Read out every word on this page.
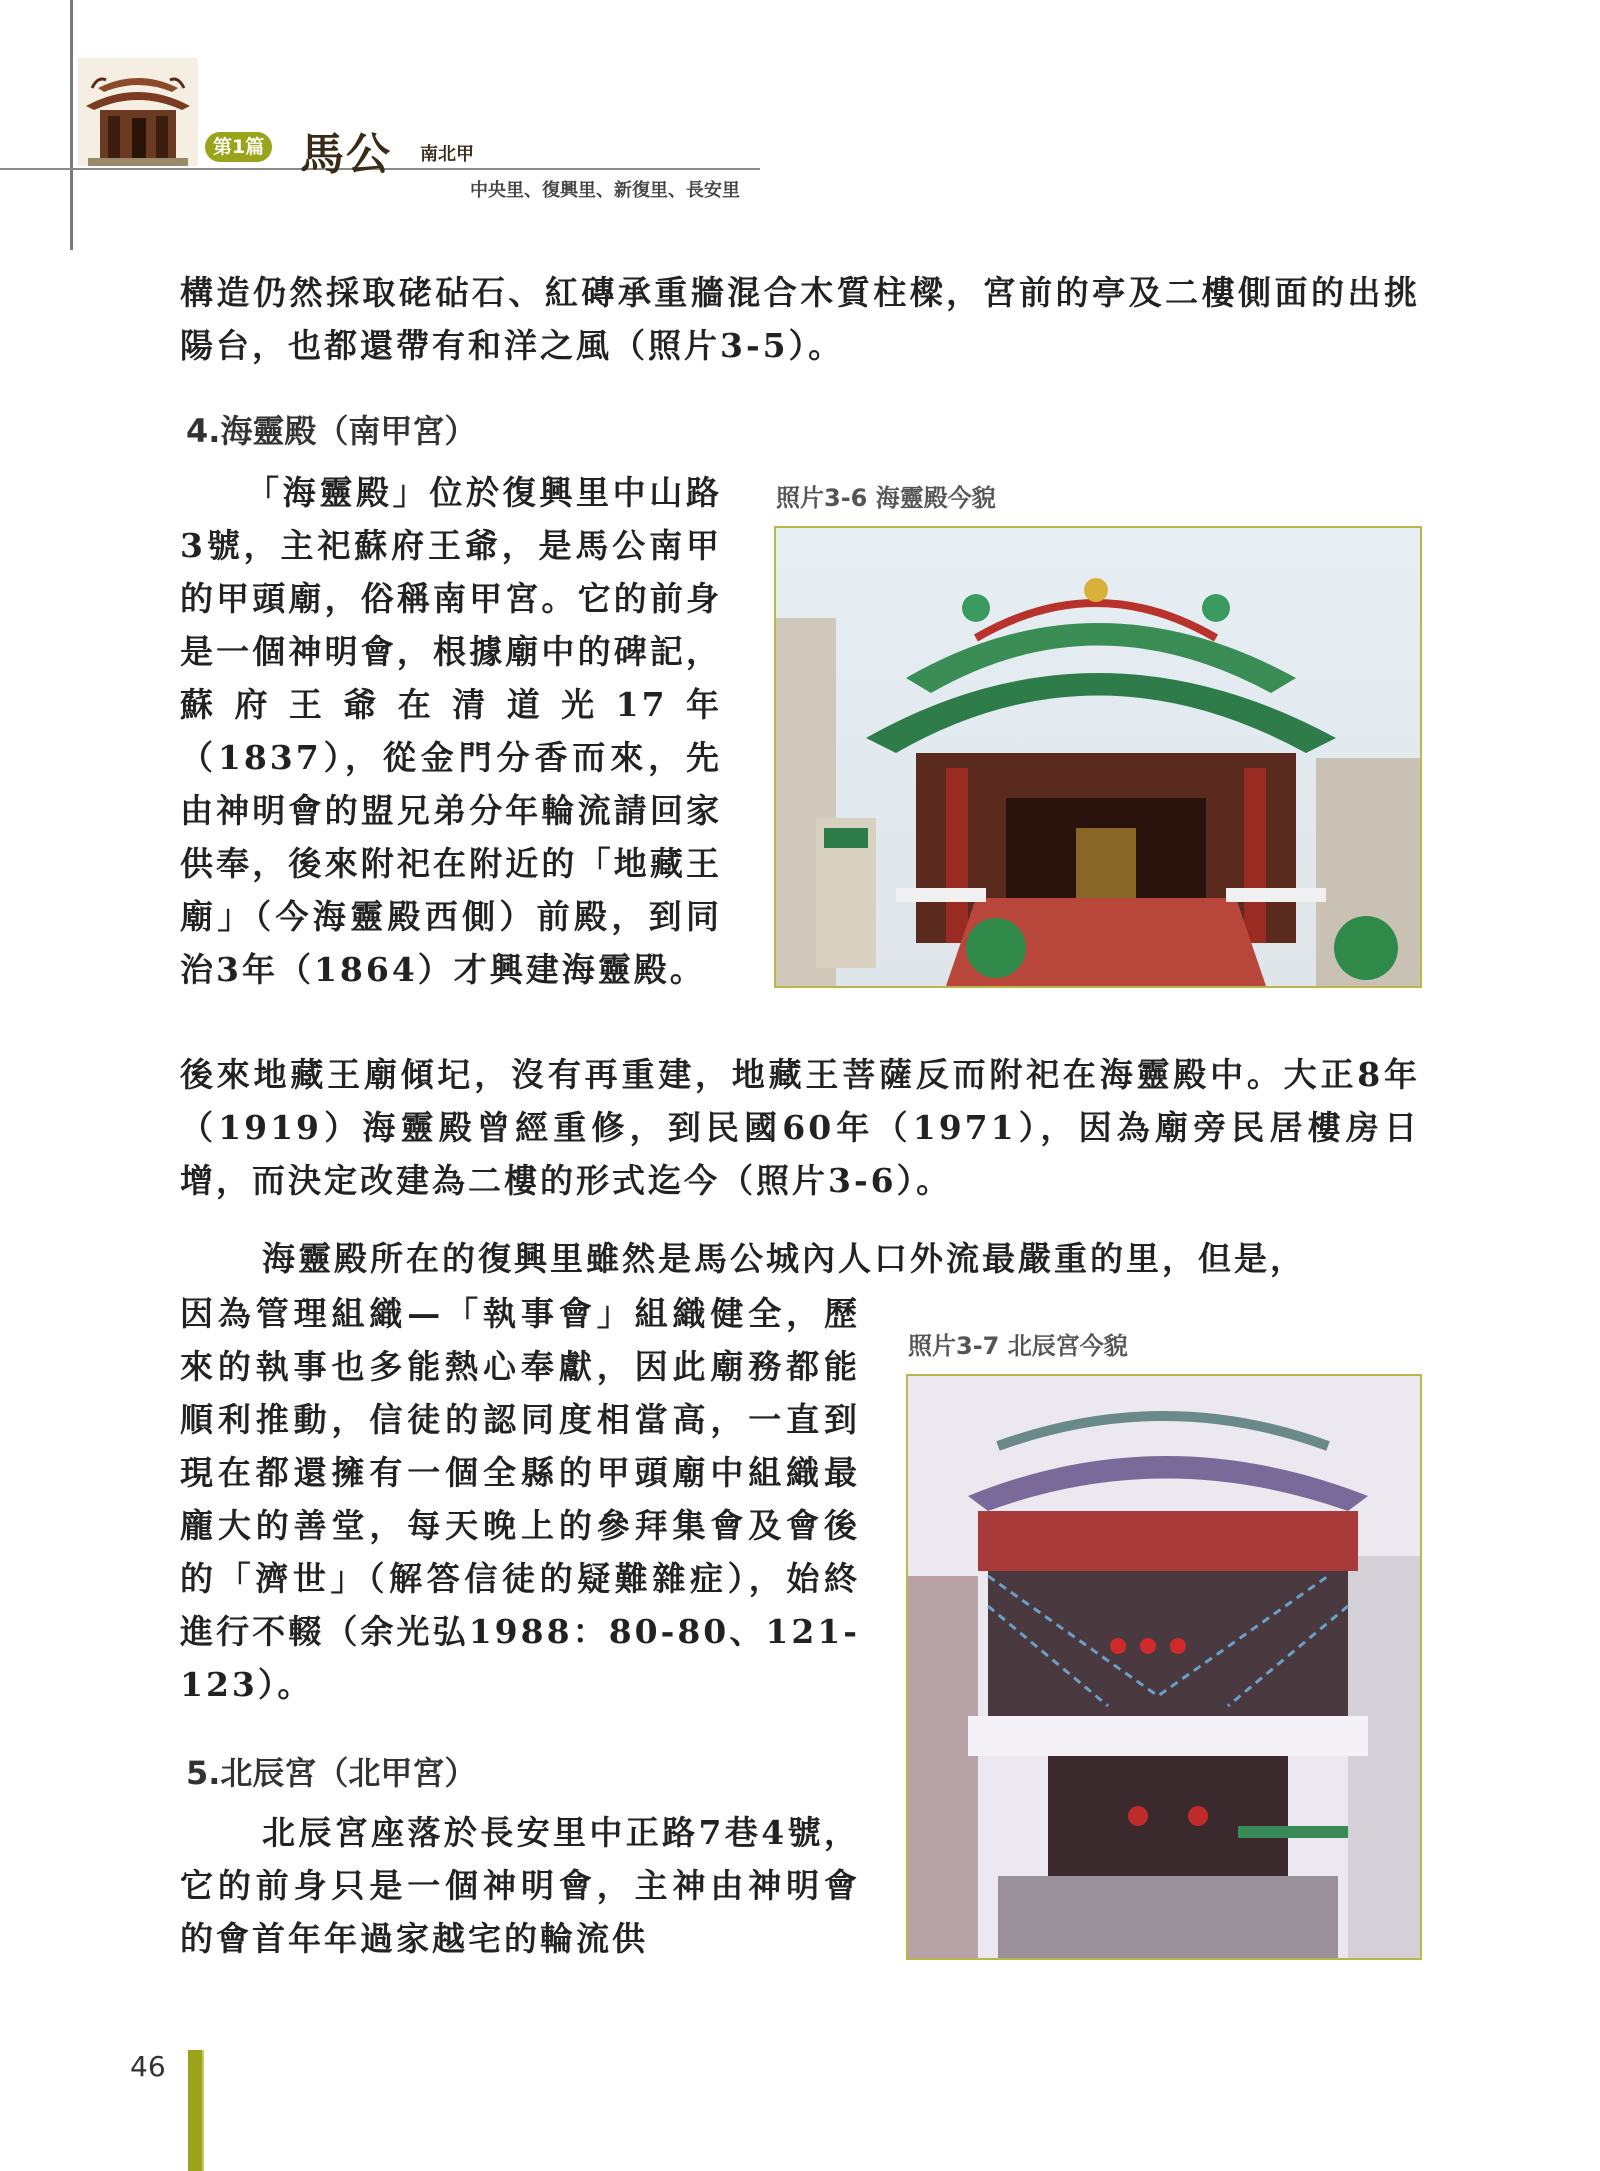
第1篇 馬公 南北甲
中央里、復興里、新復里、長安里
構造仍然採取硓砧石、紅磚承重牆混合木質柱樑，宮前的亭及二樓側面的出挑陽台，也都還帶有和洋之風（照片3-5）。
4.海靈殿（南甲宮）
「海靈殿」位於復興里中山路3號，主祀蘇府王爺，是馬公南甲的甲頭廟，俗稱南甲宮。它的前身是一個神明會，根據廟中的碑記，蘇府王爺在清道光17年（1837），從金門分香而來，先由神明會的盟兄弟分年輪流請回家供奉，後來附祀在附近的「地藏王廟」（今海靈殿西側）前殿，到同治3年（1864）才興建海靈殿。
照片3-6 海靈殿今貌
後來地藏王廟傾圮，沒有再重建，地藏王菩薩反而附祀在海靈殿中。大正8年（1919）海靈殿曾經重修，到民國60年（1971），因為廟旁民居樓房日增，而決定改建為二樓的形式迄今（照片3-6）。
海靈殿所在的復興里雖然是馬公城內人口外流最嚴重的里，但是，
因為管理組織—「執事會」組織健全，歷來的執事也多能熱心奉獻，因此廟務都能順利推動，信徒的認同度相當高，一直到現在都還擁有一個全縣的甲頭廟中組織最龐大的善堂，每天晚上的參拜集會及會後的「濟世」（解答信徒的疑難雜症），始終進行不輟（余光弘1988：80-80、121-123）。
照片3-7 北辰宮今貌
5.北辰宮（北甲宮）
北辰宮座落於長安里中正路7巷4號，它的前身只是一個神明會，主神由神明會的會首年年過家越宅的輪流供
46
